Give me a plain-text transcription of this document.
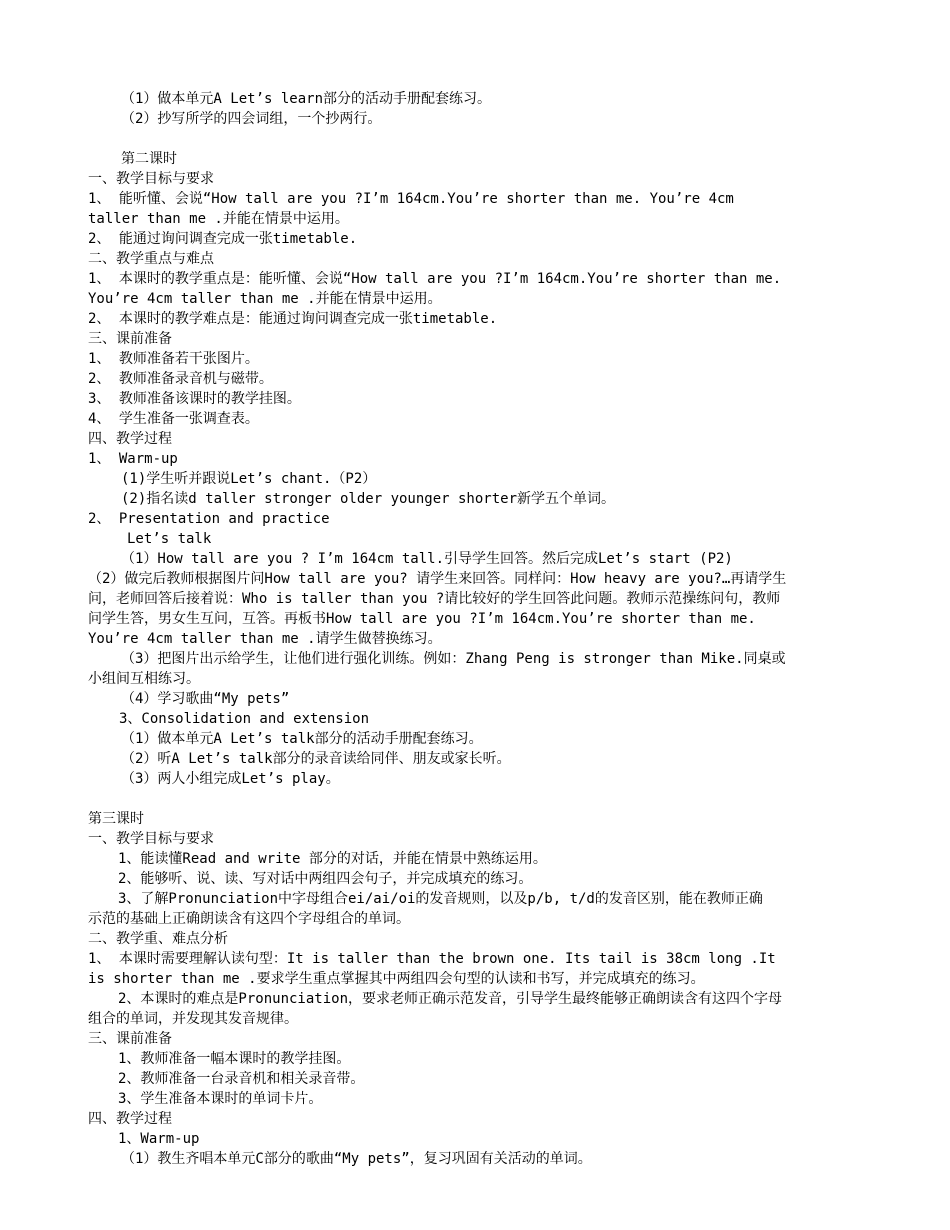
（1）做本单元A Let’s learn部分的活动手册配套练习。
（2）抄写所学的四会词组，一个抄两行。
第二课时
一、教学目标与要求
1、 能听懂、会说“How tall are you ?I’m 164cm.You’re shorter than me. You’re 4cm
taller than me .并能在情景中运用。
2、 能通过询问调查完成一张timetable.
二、教学重点与难点
1、 本课时的教学重点是：能听懂、会说“How tall are you ?I’m 164cm.You’re shorter than me.
You’re 4cm taller than me .并能在情景中运用。
2、 本课时的教学难点是：能通过询问调查完成一张timetable.
三、课前准备
1、 教师准备若干张图片。
2、 教师准备录音机与磁带。
3、 教师准备该课时的教学挂图。
4、 学生准备一张调查表。
四、教学过程
1、 Warm-up
(1)学生听并跟说Let’s chant.（P2）
(2)指名读d taller stronger older younger shorter新学五个单词。
2、 Presentation and practice
Let’s talk
（1）How tall are you ? I’m 164cm tall.引导学生回答。然后完成Let’s start (P2)
（2）做完后教师根据图片问How tall are you? 请学生来回答。同样问：How heavy are you?…再请学生
问，老师回答后接着说：Who is taller than you ?请比较好的学生回答此问题。教师示范操练问句，教师
问学生答，男女生互问，互答。再板书How tall are you ?I’m 164cm.You’re shorter than me.
You’re 4cm taller than me .请学生做替换练习。
（3）把图片出示给学生，让他们进行强化训练。例如：Zhang Peng is stronger than Mike.同桌或
小组间互相练习。
（4）学习歌曲“My pets”
3、Consolidation and extension
（1）做本单元A Let’s talk部分的活动手册配套练习。
（2）听A Let’s talk部分的录音读给同伴、朋友或家长听。
（3）两人小组完成Let’s play。
第三课时
一、教学目标与要求
1、能读懂Read and write 部分的对话，并能在情景中熟练运用。
2、能够听、说、读、写对话中两组四会句子，并完成填充的练习。
3、了解Pronunciation中字母组合ei/ai/oi的发音规则，以及p/b, t/d的发音区别，能在教师正确
示范的基础上正确朗读含有这四个字母组合的单词。
二、教学重、难点分析
1、 本课时需要理解认读句型：It is taller than the brown one. Its tail is 38cm long .It
is shorter than me .要求学生重点掌握其中两组四会句型的认读和书写，并完成填充的练习。
2、本课时的难点是Pronunciation，要求老师正确示范发音，引导学生最终能够正确朗读含有这四个字母
组合的单词，并发现其发音规律。
三、课前准备
1、教师准备一幅本课时的教学挂图。
2、教师准备一台录音机和相关录音带。
3、学生准备本课时的单词卡片。
四、教学过程
1、Warm-up
（1）教生齐唱本单元C部分的歌曲“My pets”，复习巩固有关活动的单词。
